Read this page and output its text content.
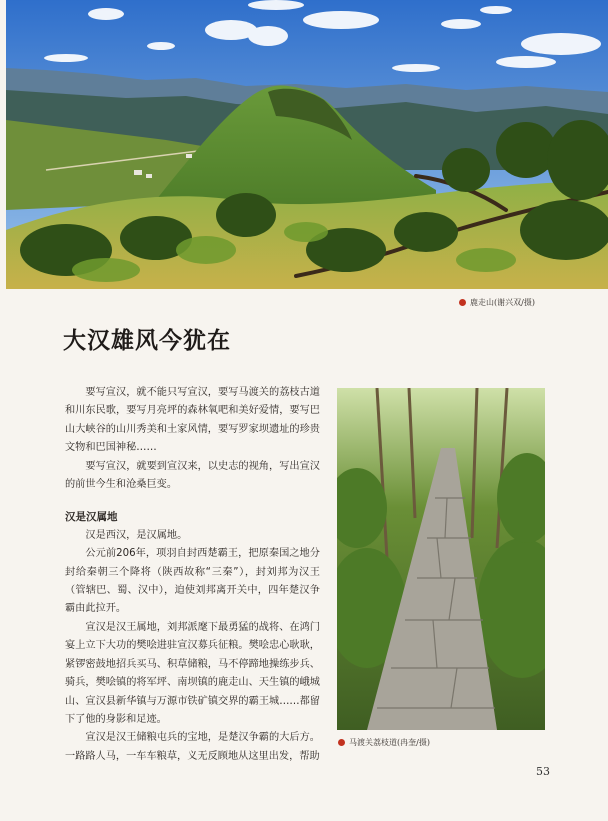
鹿走山(谢兴双/摄)
大汉雄风今犹在

要写宣汉，就不能只写宣汉，要写马渡关的荔枝古道和川东民歌，要写月亮坪的森林氧吧和美好爱情，要写巴山大峡谷的山川秀美和土家风情，要写罗家坝遗址的珍贵文物和巴国神秘……

要写宣汉，就要到宣汉来，以史志的视角，写出宣汉的前世今生和沧桑巨变。

汉是汉属地

汉是西汉，是汉属地。

公元前206年，项羽自封西楚霸王，把原秦国之地分封给秦朝三个降将（陕西故称“三秦”），封刘邦为汉王（管辖巴、蜀、汉中），迫使刘邦离开关中，四年楚汉争霸由此拉开。

宣汉是汉王属地，刘邦派麾下最勇猛的战将、在鸿门宴上立下大功的樊哙进驻宣汉募兵征粮。樊哙忠心耿耿，紧锣密鼓地招兵买马、积草储粮，马不停蹄地操练步兵、骑兵，樊哙镇的将军坪、南坝镇的鹿走山、天生镇的峨城山、宣汉县新华镇与万源市铁矿镇交界的霸王城……都留下了他的身影和足迹。

宣汉是汉王储粮屯兵的宝地，是楚汉争霸的大后方。一路路人马，一车车粮草，义无反顾地从这里出发，帮助

马渡关荔枝道(冉奎/摄)
53
